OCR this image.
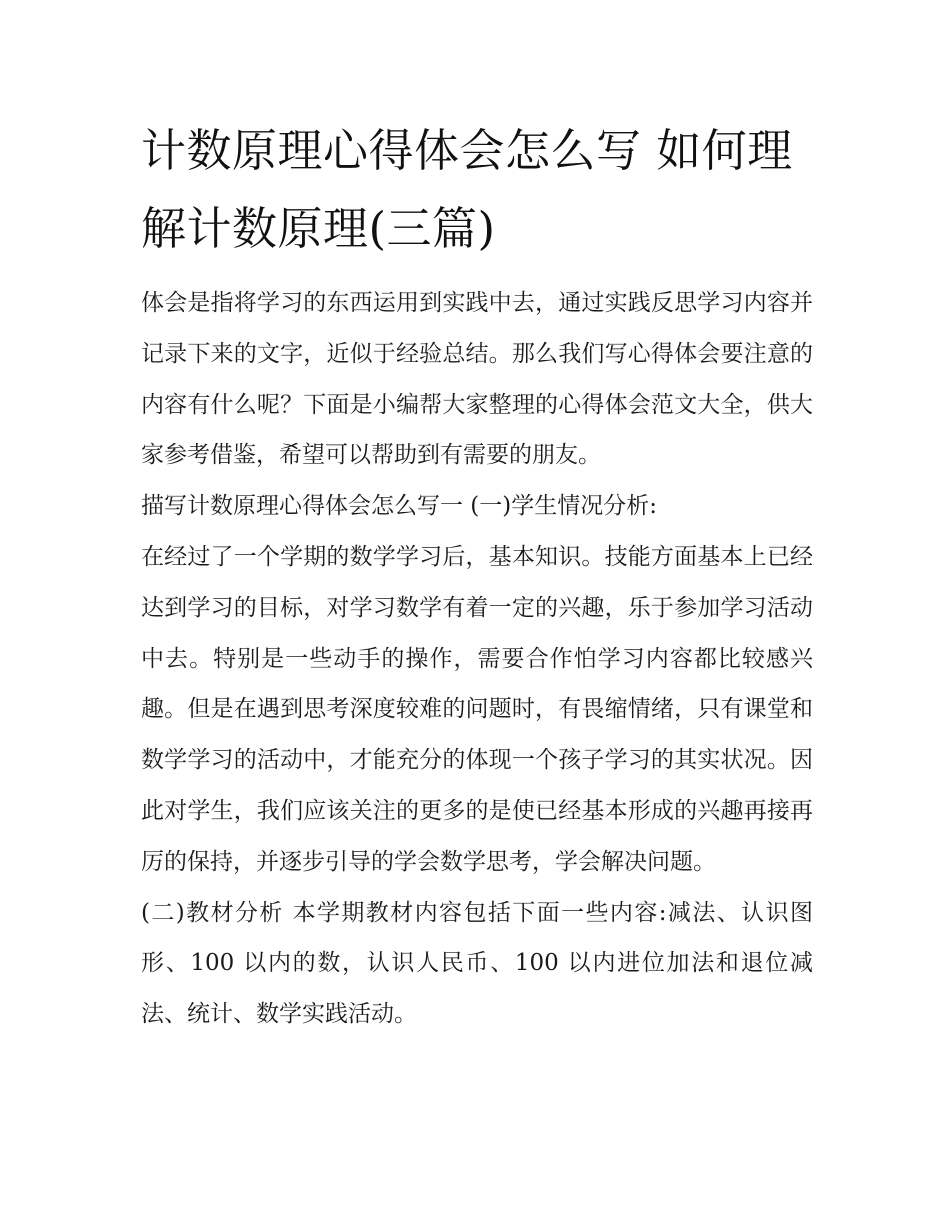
计数原理心得体会怎么写 如何理解计数原理(三篇)

体会是指将学习的东西运用到实践中去，通过实践反思学习内容并记录下来的文字，近似于经验总结。那么我们写心得体会要注意的内容有什么呢？下面是小编帮大家整理的心得体会范文大全，供大家参考借鉴，希望可以帮助到有需要的朋友。

描写计数原理心得体会怎么写一 (一)学生情况分析:

在经过了一个学期的数学学习后，基本知识。技能方面基本上已经达到学习的目标，对学习数学有着一定的兴趣，乐于参加学习活动中去。特别是一些动手的操作，需要合作怕学习内容都比较感兴趣。但是在遇到思考深度较难的问题时，有畏缩情绪，只有课堂和数学学习的活动中，才能充分的体现一个孩子学习的其实状况。因此对学生，我们应该关注的更多的是使已经基本形成的兴趣再接再厉的保持，并逐步引导的学会数学思考，学会解决问题。

(二)教材分析 本学期教材内容包括下面一些内容:减法、认识图形、100 以内的数，认识人民币、100 以内进位加法和退位减法、统计、数学实践活动。
